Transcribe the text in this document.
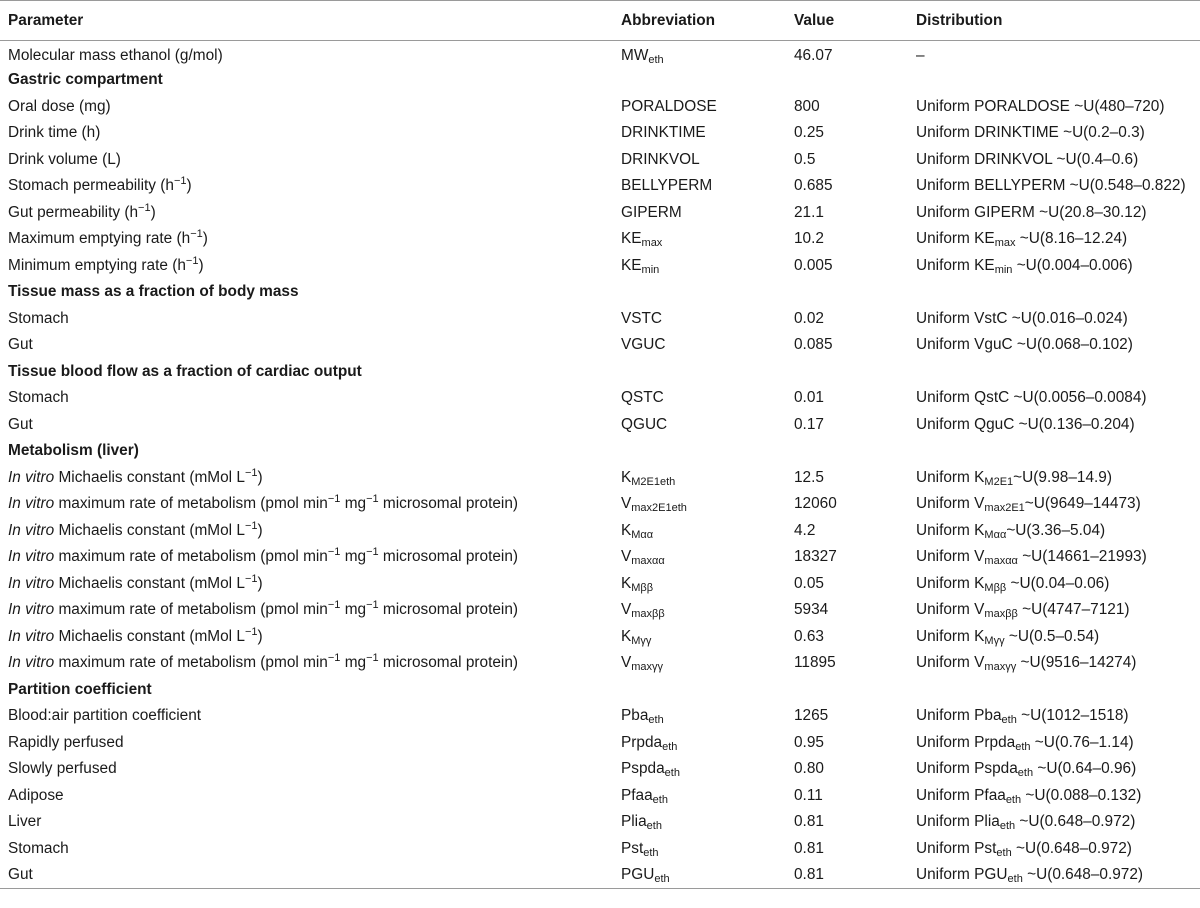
Parameter	Abbreviation	Value	Distribution
Molecular mass ethanol (g/mol)	$MW_{eth}$	46.07	–
Gastric compartment			
Oral dose (mg)	PORALDOSE	800	Uniform PORALDOSE ~U(480–720)
Drink time (h)	DRINKTIME	0.25	Uniform DRINKTIME ~U(0.2–0.3)
Drink volume (L)	DRINKVOL	0.5	Uniform DRINKVOL ~U(0.4–0.6)
Stomach permeability $(h^{-1})$	BELLYPERM	0.685	Uniform BELLYPERM ~U(0.548–0.822)
Gut permeability $(h^{-1})$	GIPERM	21.1	Uniform GIPERM ~U(20.8–30.12)
Maximum emptying rate $(h^{-1})$	$KE_{max}$	10.2	Uniform $KE_{max}$ ~U(8.16–12.24)
Minimum emptying rate $(h^{-1})$	$KE_{min}$	0.005	Uniform $KE_{min}$ ~U(0.004–0.006)
Tissue mass as a fraction of body mass			
Stomach	VSTC	0.02	Uniform VstC ~U(0.016–0.024)
Gut	VGUC	0.085	Uniform VguC ~U(0.068–0.102)
Tissue blood flow as a fraction of cardiac output			
Stomach	QSTC	0.01	Uniform QstC ~U(0.0056–0.0084)
Gut	QGUC	0.17	Uniform QguC ~U(0.136–0.204)
Metabolism (liver)			
In vitro Michaelis constant (mMol $L^{-1}$)	$K_{M2E1eth}$	12.5	Uniform $K_{M2E1}\sim U(9.98-14.9)$
In vitro maximum rate of metabolism (pmol $\min^{-1} mg^{-1}$ microsomal protein)	$V_{max2E1eth}$	12060	Uniform $V_{max2E1}\sim U(9649-14473)$
In vitro Michaelis constant (mMol $L^{-1}$)	$K_{M\alpha\alpha}$	4.2	Uniform $K_{M\alpha\alpha}\sim U(3.36-5.04)$
In vitro maximum rate of metabolism (pmol $\min^{-1} mg^{-1}$ microsomal protein)	$V_{max\alpha\alpha}$	18327	Uniform $V_{max\alpha\alpha}$ ~U(14661–21993)
In vitro Michaelis constant (mMol $L^{-1}$)	$K_{M\beta\beta}$	0.05	Uniform $K_{M\beta\beta}$ ~U(0.04–0.06)
In vitro maximum rate of metabolism (pmol $\min^{-1} mg^{-1}$ microsomal protein)	$V_{max\beta\beta}$	5934	Uniform $V_{max\beta\beta}$ ~U(4747–7121)
In vitro Michaelis constant (mMol $L^{-1}$)	$K_{M\gamma\gamma}$	0.63	Uniform $K_{M\gamma\gamma}$ ~U(0.5–0.54)
In vitro maximum rate of metabolism (pmol $\min^{-1} mg^{-1}$ microsomal protein)	$V_{max\gamma\gamma}$	11895	Uniform $V_{max\gamma\gamma}$ ~U(9516–14274)
Partition coefficient			
Blood:air partition coefficient	Pba$_{eth}$	1265	Uniform Pba$_{eth}$ ~U(1012–1518)
Rapidly perfused	Prpda$_{eth}$	0.95	Uniform Prpda$_{eth}$ ~U(0.76–1.14)
Slowly perfused	Pspda$_{eth}$	0.80	Uniform Pspda$_{eth}$ ~U(0.64–0.96)
Adipose	Pfaa$_{eth}$	0.11	Uniform Pfaa$_{eth}$ ~U(0.088–0.132)
Liver	Plia$_{eth}$	0.81	Uniform Plia$_{eth}$ ~U(0.648–0.972)
Stomach	Pst$_{eth}$	0.81	Uniform Pst$_{eth}$ ~U(0.648–0.972)
Gut	$PGU_{eth}$	0.81	Uniform $PGU_{eth}$ ~U(0.648–0.972)
